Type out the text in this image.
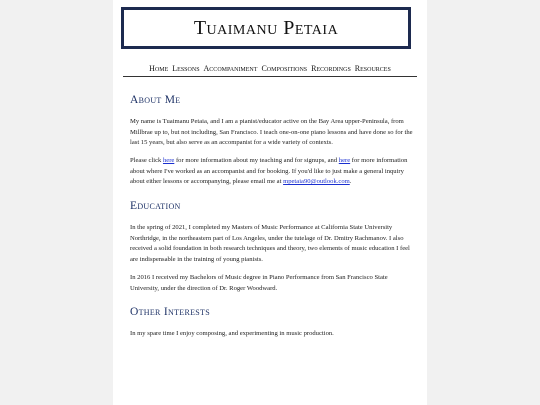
Tuaimanu Petaia
Home Lessons Accompaniment Compositions Recordings Resources
About Me

My name is Tuaimanu Petaia, and I am a pianist/educator active on the Bay Area upper-Peninsula, from Millbrae up to, but not including, San Francisco. I teach one-on-one piano lessons and have done so for the last 15 years, but also serve as an accompanist for a wide variety of contexts.

Please click here for more information about my teaching and for signups, and here for more information about where I've worked as an accompanist and for booking. If you'd like to just make a general inquiry about either lessons or accompanying, please email me at mpetaia90@outlook.com.

Education

In the spring of 2021, I completed my Masters of Music Performance at California State University Northridge, in the northeastern part of Los Angeles, under the tutelage of Dr. Dmitry Rachmanov. I also received a solid foundation in both research techniques and theory, two elements of music education I feel are indispensable in the training of young pianists.

In 2016 I received my Bachelors of Music degree in Piano Performance from San Francisco State University, under the direction of Dr. Roger Woodward.

Other Interests

In my spare time I enjoy composing, and experimenting in music production.
